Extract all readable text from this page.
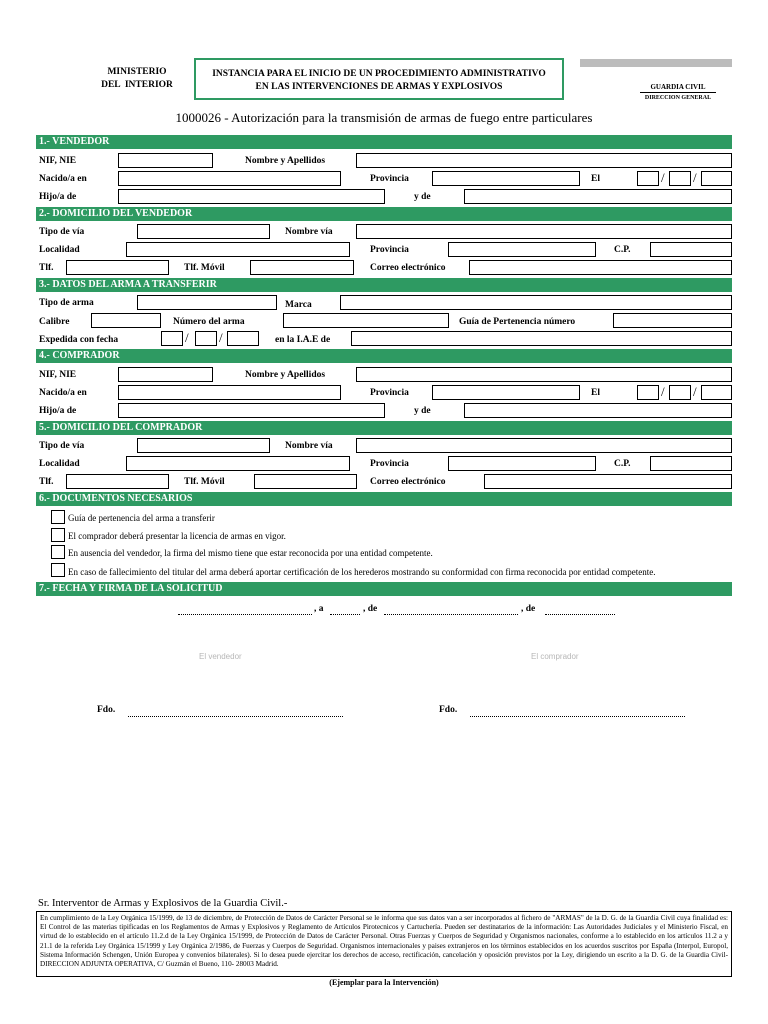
MINISTERIO
DEL  INTERIOR
INSTANCIA PARA EL INICIO DE UN PROCEDIMIENTO ADMINISTRATIVO
EN LAS INTERVENCIONES DE ARMAS Y EXPLOSIVOS	GUARDIA CIVIL
DIRECCION GENERAL
1000026 - Autorización para la transmisión de armas de fuego entre particulares
1.- VENDEDOR
NIF, NIE	Nombre y Apellidos
Nacido/a en	Provincia	El	/ /
Hijo/a de	y de
2.- DOMICILIO DEL VENDEDOR
Tipo de vía	Nombre vía
Localidad	Provincia	C.P.
Tlf.	Tlf. Móvil	Correo electrónico
3.- DATOS DEL ARMA A TRANSFERIR
Tipo de arma	Marca
Calibre	Número del arma	Guía de Pertenencia número
Expedida con fecha	/ /	en la I.A.E de
4.- COMPRADOR
NIF, NIE	Nombre y Apellidos
Nacido/a en	Provincia	El	/ /
Hijo/a de	y de
5.- DOMICILIO DEL COMPRADOR
Tipo de vía	Nombre vía
Localidad	Provincia	C.P.
Tlf.	Tlf. Móvil	Correo electrónico
6.- DOCUMENTOS NECESARIOS
Guía de pertenencia del arma a transferir
El comprador deberá presentar la licencia de armas en vigor.
En ausencia del vendedor, la firma del mismo tiene que estar reconocida por una entidad competente.
En caso de fallecimiento del titular del arma deberá aportar certificación de los herederos mostrando su conformidad con firma reconocida por entidad competente.
7.- FECHA Y FIRMA DE LA SOLICITUD
, a	, de	, de
El vendedor	El comprador
Fdo.	Fdo.
Sr. Interventor de Armas y Explosivos de la Guardia Civil.-
En cumplimiento de la Ley Orgánica 15/1999, de 13 de diciembre, de Protección de Datos de Carácter Personal se le informa que sus datos van a ser incorporados al fichero de "ARMAS" de la D. G. de la Guardia Civil cuya finalidad es: El Control de las materias tipificadas en los Reglamentos de Armas y Explosivos y Reglamento de Artículos Pirotecnicos y Cartuchería. Pueden ser destinatarios de la información: Las Autoridades Judiciales y el Ministerio Fiscal, en virtud de lo establecido en el artículo 11.2.d de la Ley Orgánica 15/1999, de Protección de Datos de Carácter Personal. Otras Fuerzas y Cuerpos de Seguridad y Organismos nacionales, conforme a lo establecido en los artículos 11.2 a y 21.1 de la referida Ley Orgánica 15/1999 y Ley Orgánica 2/1986, de Fuerzas y Cuerpos de Seguridad. Organismos internacionales y paises extranjeros en los términos establecidos en los acuerdos suscritos por España (Interpol, Europol, Sistema Información Schengen, Unión Europea y convenios bilaterales). Si lo desea puede ejercitar los derechos de acceso, rectificación, cancelación y oposición previstos por la Ley, dirigiendo un escrito a la D. G. de la Guardia Civil- DIRECCION ADJUNTA OPERATIVA, C/ Guzmán el Bueno, 110- 28003 Madrid.
(Ejemplar para la Intervención)
